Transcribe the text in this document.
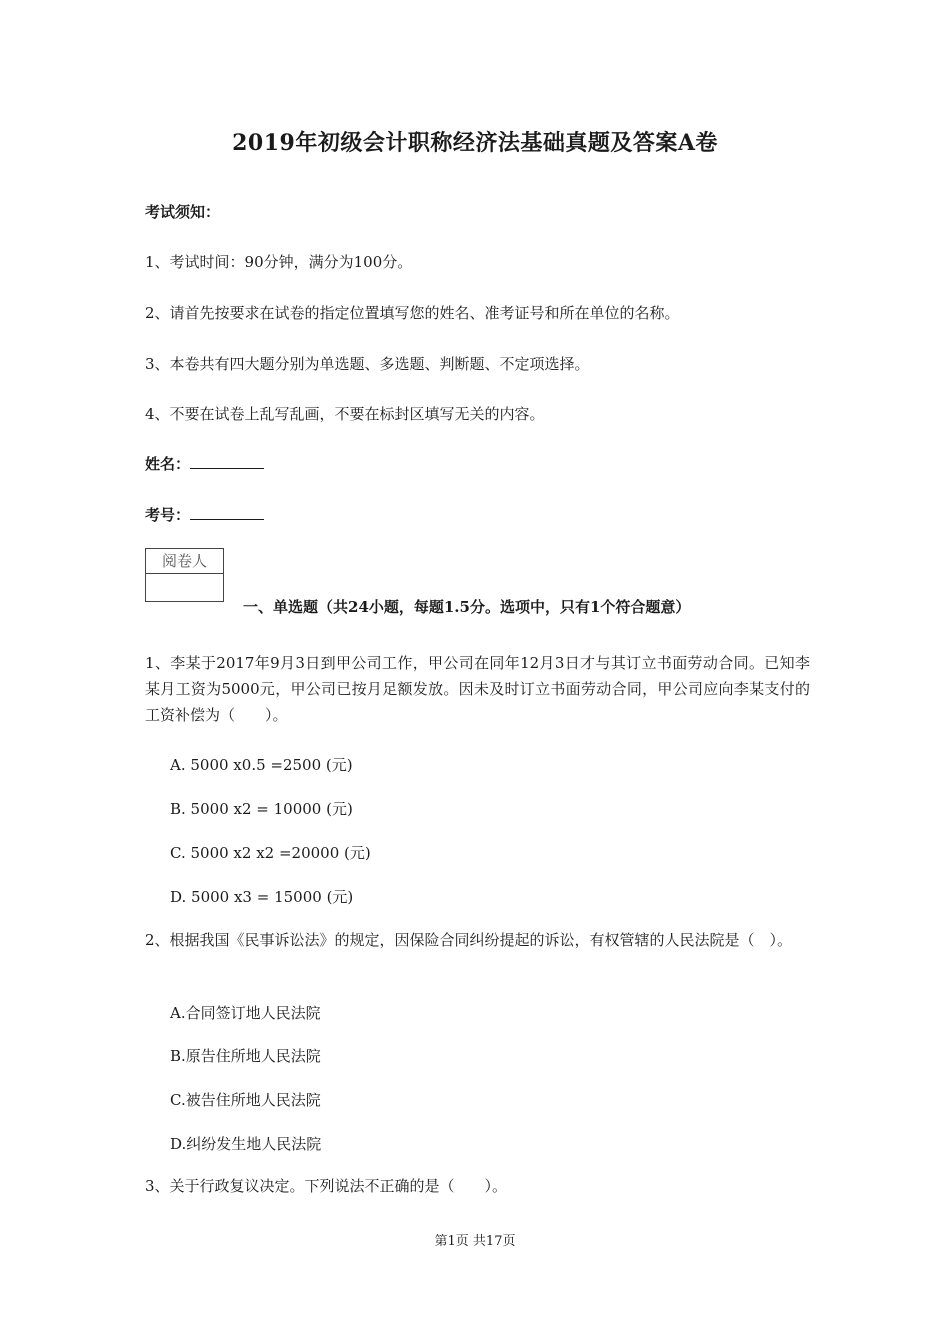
2019年初级会计职称经济法基础真题及答案A卷
考试须知：
1、考试时间：90分钟，满分为100分。
2、请首先按要求在试卷的指定位置填写您的姓名、准考证号和所在单位的名称。
3、本卷共有四大题分别为单选题、多选题、判断题、不定项选择。
4、不要在试卷上乱写乱画，不要在标封区填写无关的内容。
姓名：
考号：
阅卷人
一、单选题（共24小题，每题1.5分。选项中，只有1个符合题意）
1、李某于2017年9月3日到甲公司工作，甲公司在同年12月3日才与其订立书面劳动合同。已知李某月工资为5000元，甲公司已按月足额发放。因未及时订立书面劳动合同，甲公司应向李某支付的工资补偿为（　　）。
A. 5000 x0.5 =2500 (元)
B. 5000 x2 = 10000 (元)
C. 5000 x2 x2 =20000 (元)
D. 5000 x3 = 15000 (元)
2、根据我国《民事诉讼法》的规定，因保险合同纠纷提起的诉讼，有权管辖的人民法院是（　）。
A.合同签订地人民法院
B.原告住所地人民法院
C.被告住所地人民法院
D.纠纷发生地人民法院
3、关于行政复议决定。下列说法不正确的是（　　）。
第1页 共17页
